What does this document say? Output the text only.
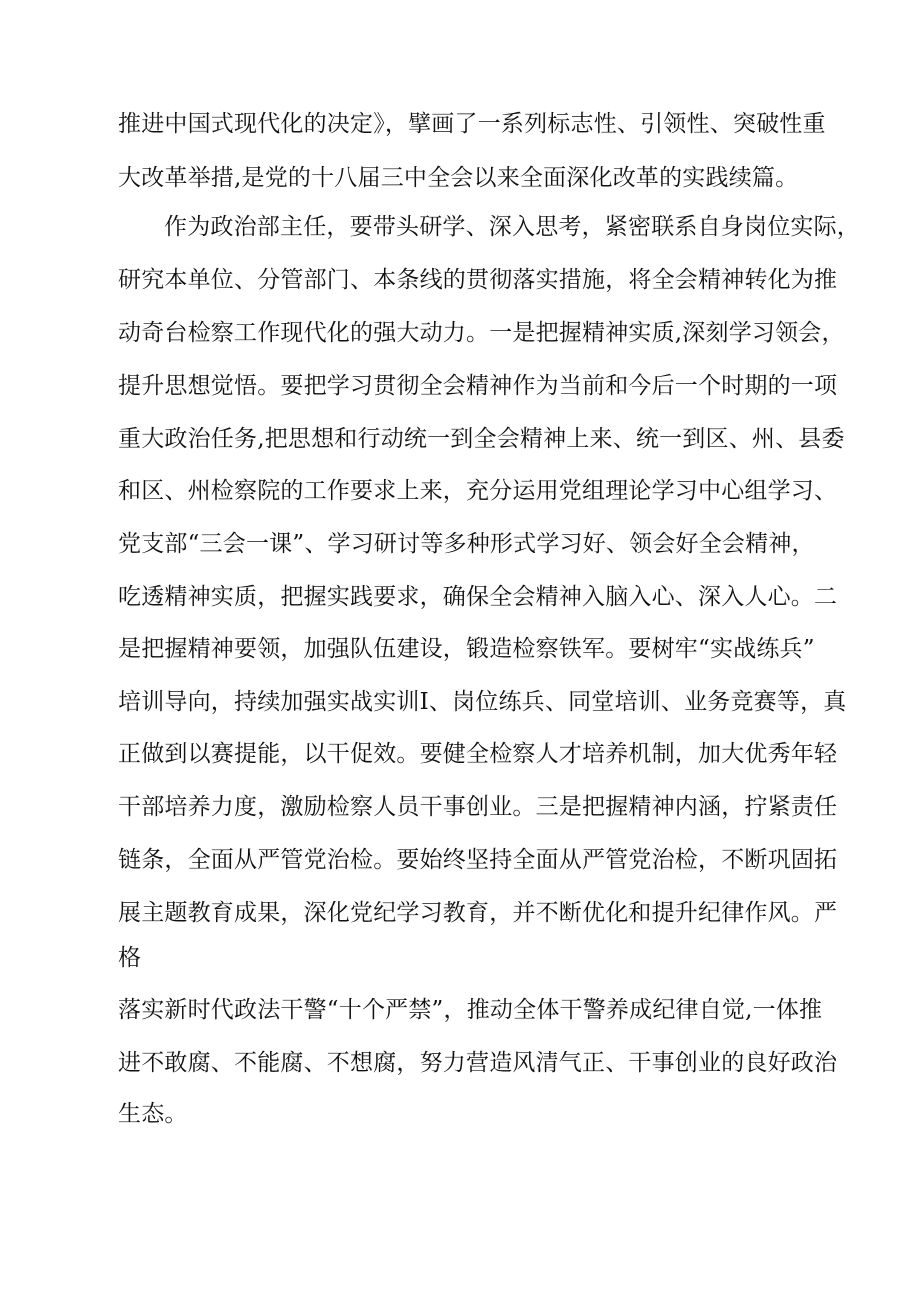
推进中国式现代化的决定》，擘画了一系列标志性、引领性、突破性重
大改革举措,是党的十八届三中全会以来全面深化改革的实践续篇。
作为政治部主任，要带头研学、深入思考，紧密联系自身岗位实际，
研究本单位、分管部门、本条线的贯彻落实措施，将全会精神转化为推
动奇台检察工作现代化的强大动力。一是把握精神实质,深刻学习领会，
提升思想觉悟。要把学习贯彻全会精神作为当前和今后一个时期的一项
重大政治任务,把思想和行动统一到全会精神上来、统一到区、州、县委
和区、州检察院的工作要求上来，充分运用党组理论学习中心组学习、
党支部“三会一课”、学习研讨等多种形式学习好、领会好全会精神，
吃透精神实质，把握实践要求，确保全会精神入脑入心、深入人心。二
是把握精神要领，加强队伍建设，锻造检察铁军。要树牢“实战练兵”
培训导向，持续加强实战实训I、岗位练兵、同堂培训、业务竞赛等，真
正做到以赛提能，以干促效。要健全检察人才培养机制，加大优秀年轻
干部培养力度，激励检察人员干事创业。三是把握精神内涵，拧紧责任
链条，全面从严管党治检。要始终坚持全面从严管党治检，不断巩固拓
展主题教育成果，深化党纪学习教育，并不断优化和提升纪律作风。严
格
落实新时代政法干警“十个严禁”，推动全体干警养成纪律自觉,一体推
进不敢腐、不能腐、不想腐，努力营造风清气正、干事创业的良好政治
生态。
